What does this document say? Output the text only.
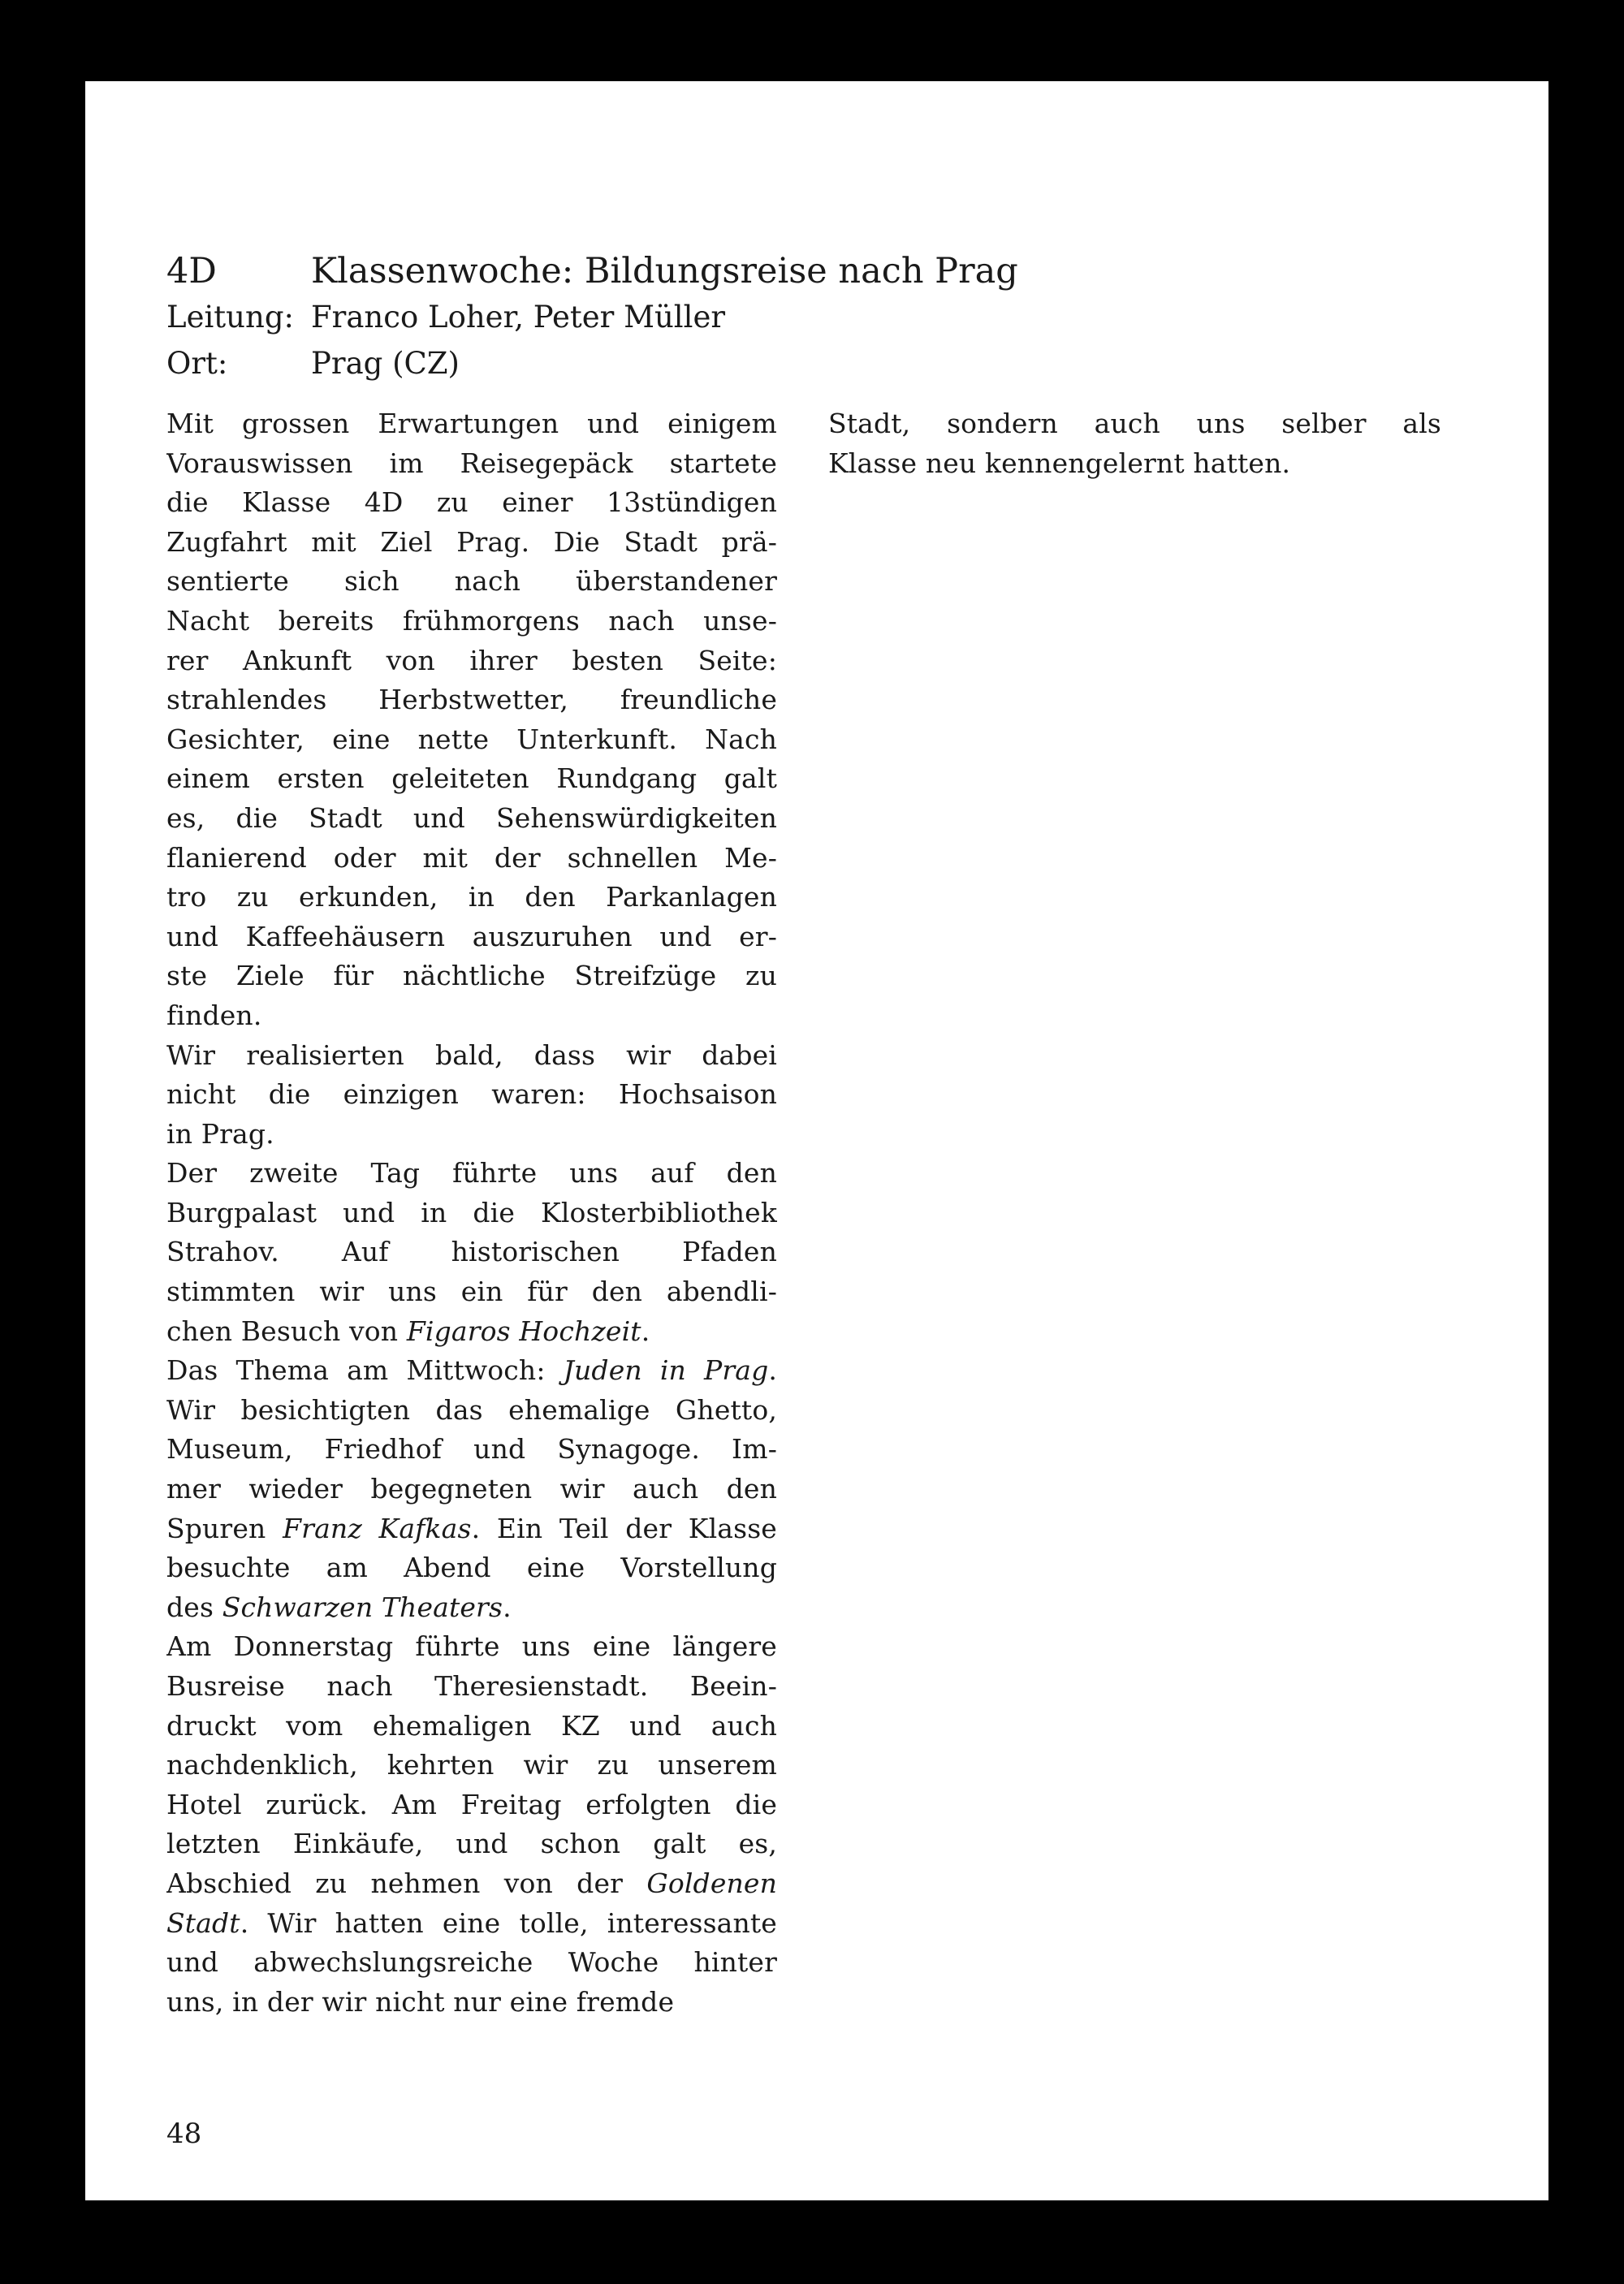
4D	Klassenwoche: Bildungsreise nach Prag
Leitung: Franco Loher, Peter Müller
Ort:	Prag (CZ)
Mit grossen Erwartungen und einigem
Vorauswissen im Reisegepäck startete
die Klasse 4D zu einer 13stündigen
Zugfahrt mit Ziel Prag. Die Stadt prä-
sentierte sich nach überstandener
Nacht bereits frühmorgens nach unse-
rer Ankunft von ihrer besten Seite:
strahlendes Herbstwetter, freundliche
Gesichter, eine nette Unterkunft. Nach
einem ersten geleiteten Rundgang galt
es, die Stadt und Sehenswürdigkeiten
flanierend oder mit der schnellen Me-
tro zu erkunden, in den Parkanlagen
und Kaffeehäusern auszuruhen und er-
ste Ziele für nächtliche Streifzüge zu
finden.
Wir realisierten bald, dass wir dabei
nicht die einzigen waren: Hochsaison
in Prag.
Der zweite Tag führte uns auf den
Burgpalast und in die Klosterbibliothek
Strahov. Auf historischen Pfaden
stimmten wir uns ein für den abendli-
chen Besuch von Figaros Hochzeit.
Das Thema am Mittwoch: Juden in Prag.
Wir besichtigten das ehemalige Ghetto,
Museum, Friedhof und Synagoge. Im-
mer wieder begegneten wir auch den
Spuren Franz Kafkas. Ein Teil der Klasse
besuchte am Abend eine Vorstellung
des Schwarzen Theaters.
Am Donnerstag führte uns eine längere
Busreise nach Theresienstadt. Beein-
druckt vom ehemaligen KZ und auch
nachdenklich, kehrten wir zu unserem
Hotel zurück. Am Freitag erfolgten die
letzten Einkäufe, und schon galt es,
Abschied zu nehmen von der Goldenen
Stadt. Wir hatten eine tolle, interessante
und abwechslungsreiche Woche hinter
uns, in der wir nicht nur eine fremde
Stadt, sondern auch uns selber als
Klasse neu kennengelernt hatten.
48
